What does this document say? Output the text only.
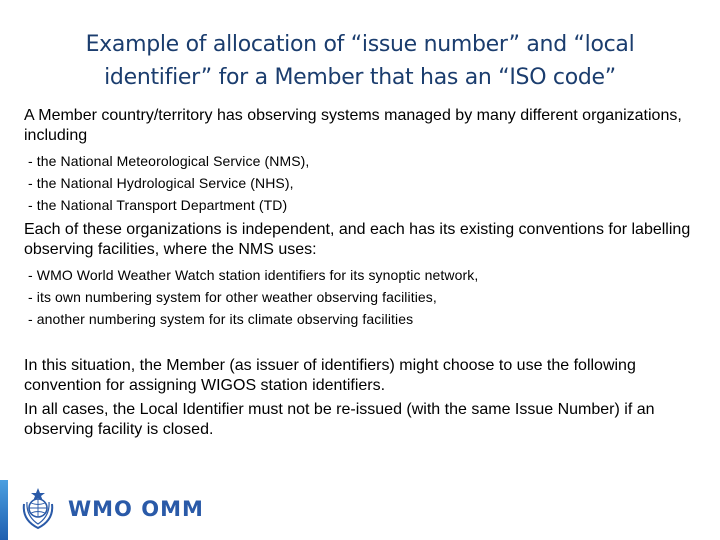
Example of allocation of “issue number” and “local
identifier” for a Member that has an “ISO code”

A Member country/territory has observing systems managed by many different organizations, including

- the National Meteorological Service (NMS),

- the National Hydrological Service (NHS),

- the National Transport Department (TD)

Each of these organizations is independent, and each has its existing conventions for labelling observing facilities, where the NMS uses:

- WMO World Weather Watch station identifiers for its synoptic network,

- its own numbering system for other weather observing facilities,

- another numbering system for its climate observing facilities

In this situation, the Member (as issuer of identifiers) might choose to use the following convention for assigning WIGOS station identifiers.

In all cases, the Local Identifier must not be re-issued (with the same Issue Number) if an observing facility is closed.

WMO OMM
